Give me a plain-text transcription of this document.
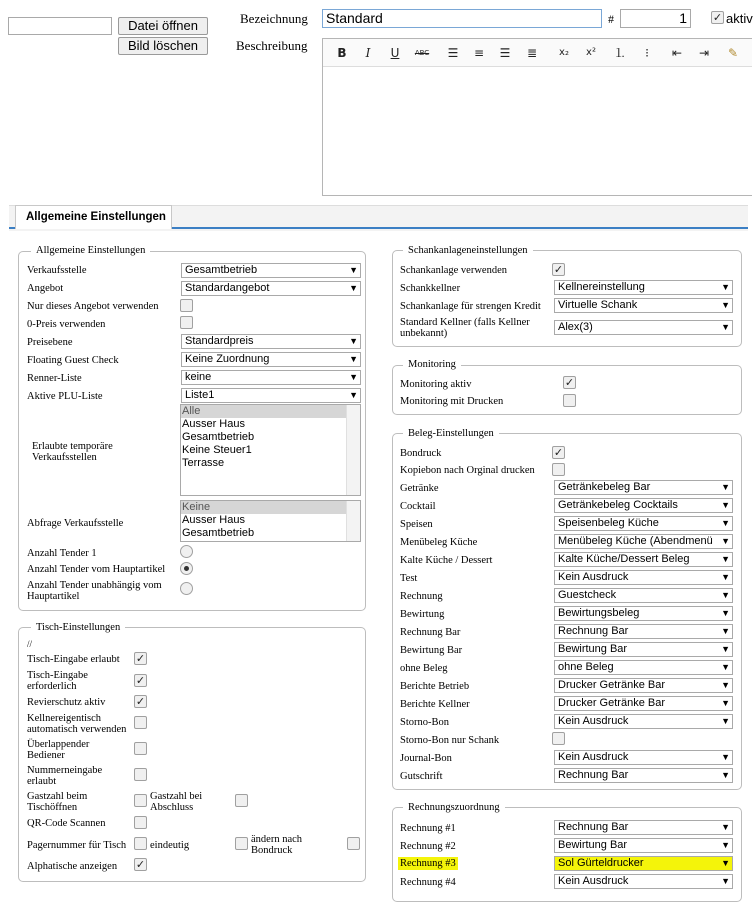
Datei öffnen
Bild löschen
Bezeichnung Standard	#	1	✓ aktiv
Beschreibung	B	I	U	ABC	☰	≡	☰	≣	x₂	x²	⒈	⁝	⇤	⇥	✎
Allgemeine Einstellungen
Allgemeine Einstellungen
Verkaufsstelle	Gesamtbetrieb	▼
Angebot	Standardangebot	▼
Nur dieses Angebot verwenden
0-Preis verwenden
Preisebene	Standardpreis	▼
Floating Guest Check	Keine Zuordnung	▼
Renner-Liste	keine	▼
Aktive PLU-Liste	Liste1	▼
Erlaubte temporäre Verkaufsstellen
Alle
Ausser Haus
Gesamtbetrieb
Keine Steuer1
Terrasse
Abfrage Verkaufsstelle
Keine
Ausser Haus
Gesamtbetrieb
Anzahl Tender 1
Anzahl Tender vom Hauptartikel
Anzahl Tender unabhängig vom Hauptartikel
Tisch-Einstellungen
//
Tisch-Eingabe erlaubt ✓
Tisch-Eingabe erforderlich	✓
Revierschutz aktiv	✓
Kellnereigentisch automatisch verwenden
Überlappender Bediener
Nummerneingabe erlaubt
Gastzahl beim Tischöffnen
Gastzahl bei Abschluss
QR-Code Scannen
Pagernummer für Tisch eindeutig
ändern nach Bondruck
Alphatische anzeigen ✓
Schankanlageneinstellungen
Schankanlage verwenden	✓
Schankkellner	Kellnereinstellung	▼
Schankanlage für strengen Kredit Virtuelle Schank	▼
Standard Kellner (falls Kellner unbekannt)
Alex(3)	▼
Monitoring
Monitoring aktiv	✓
Monitoring mit Drucken
Beleg-Einstellungen
Bondruck	✓
Kopiebon nach Orginal drucken
Getränke	Getränkebeleg Bar	▼
Cocktail	Getränkebeleg Cocktails	▼
Speisen	Speisenbeleg Küche	▼
Menübeleg Küche	Menübeleg Küche (Abendmenü ▼
Kalte Küche / Dessert	Kalte Küche/Dessert Beleg	▼
Test	Kein Ausdruck	▼
Rechnung	Guestcheck	▼
Bewirtung	Bewirtungsbeleg	▼
Rechnung Bar	Rechnung Bar	▼
Bewirtung Bar	Bewirtung Bar	▼
ohne Beleg	ohne Beleg	▼
Berichte Betrieb	Drucker Getränke Bar	▼
Berichte Kellner	Drucker Getränke Bar	▼
Storno-Bon	Kein Ausdruck	▼
Storno-Bon nur Schank
Journal-Bon	Kein Ausdruck	▼
Gutschrift	Rechnung Bar	▼
Rechnungszuordnung
Rechnung #1	Rechnung Bar	▼
Rechnung #2	Bewirtung Bar	▼
Rechnung #3	Sol Gürteldrucker	▼
Rechnung #4	Kein Ausdruck	▼
